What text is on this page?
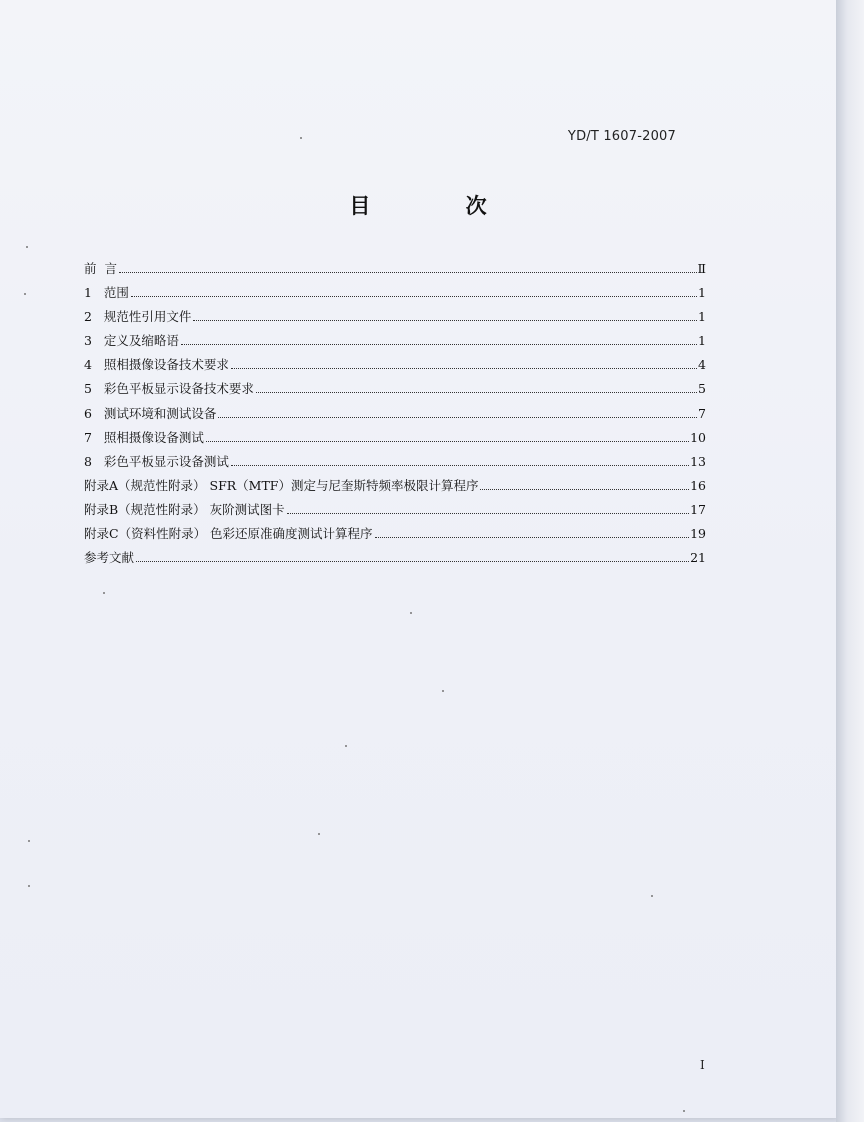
YD/T 1607-2007
目 次
前  言	Ⅱ
1   范围	1
2   规范性引用文件	1
3   定义及缩略语	1
4   照相摄像设备技术要求	4
5   彩色平板显示设备技术要求	5
6   测试环境和测试设备	7
7   照相摄像设备测试	10
8   彩色平板显示设备测试	13
附录A（规范性附录） SFR（MTF）测定与尼奎斯特频率极限计算程序	16
附录B（规范性附录） 灰阶测试图卡	17
附录C（资料性附录） 色彩还原准确度测试计算程序	19
参考文献	21
I
